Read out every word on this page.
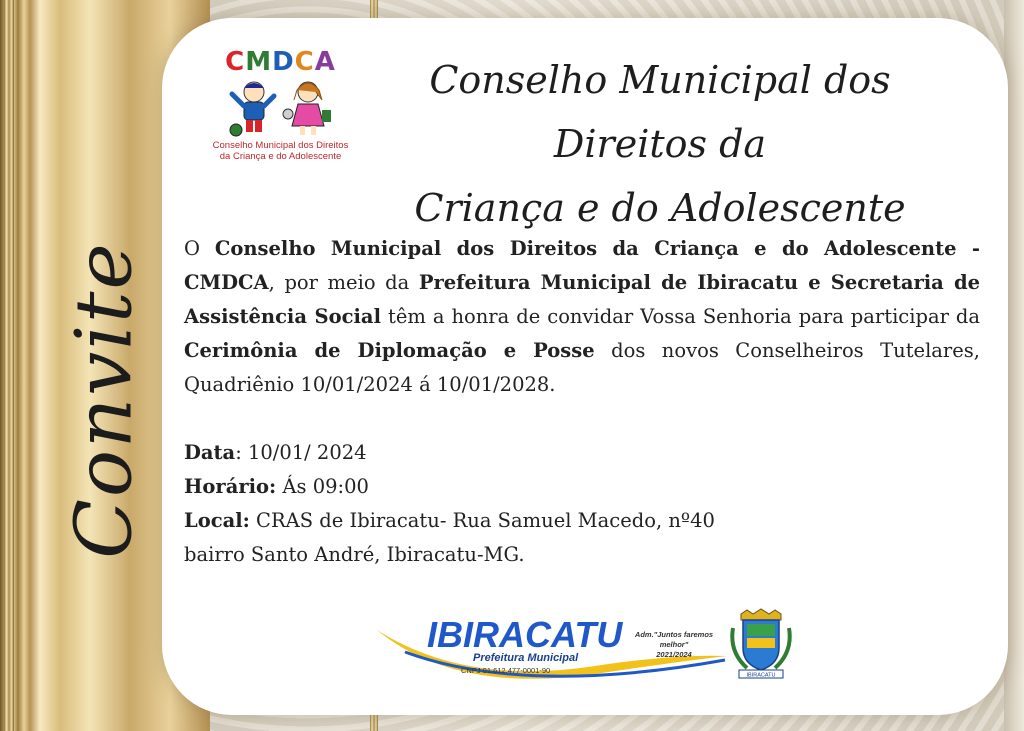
Convite
CMDCA
Conselho Municipal dos Direitos
da Criança e do Adolescente
Conselho Municipal dos Direitos da
Criança e do Adolescente
O Conselho Municipal dos Direitos da Criança e do Adolescente - CMDCA, por meio da Prefeitura Municipal de Ibiracatu e Secretaria de Assistência Social têm a honra de convidar Vossa Senhoria para participar da Cerimônia de Diplomação e Posse dos novos Conselheiros Tutelares, Quadriênio 10/01/2024 á 10/01/2028.
Data: 10/01/ 2024
Horário: Ás 09:00
Local: CRAS de Ibiracatu- Rua Samuel Macedo, nº40
bairro Santo André, Ibiracatu-MG.
IBIRACATU
Prefeitura Municipal
CNPJ 01.612.477-0001-90
Adm."Juntos faremos melhor"
2021/2024
IBIRACATU
